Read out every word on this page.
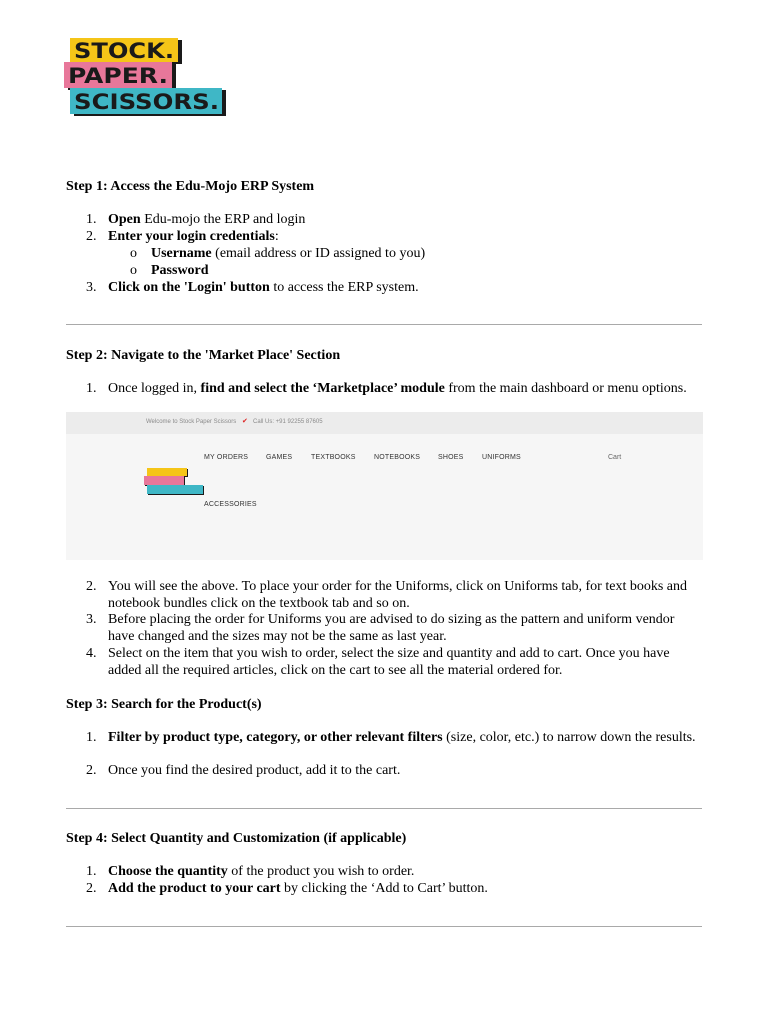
STOCK.
PAPER.
SCISSORS.
Step 1: Access the Edu-Mojo ERP System
1. Open Edu-mojo the ERP and login
2. Enter your login credentials:
o Username (email address or ID assigned to you)
o Password
3. Click on the 'Login' button to access the ERP system.
Step 2: Navigate to the 'Market Place' Section
1. Once logged in, find and select the ‘Marketplace’ module from the main dashboard or menu options.
Welcome to Stock Paper Scissors ✔ Call Us: +91 92255 87605
MY ORDERS	GAMES	TEXTBOOKS	NOTEBOOKS	SHOES	UNIFORMS	Cart
ACCESSORIES
2. You will see the above. To place your order for the Uniforms, click on Uniforms tab, for text books and notebook bundles click on the textbook tab and so on.
3. Before placing the order for Uniforms you are advised to do sizing as the pattern and uniform vendor have changed and the sizes may not be the same as last year.
4. Select on the item that you wish to order, select the size and quantity and add to cart. Once you have added all the required articles, click on the cart to see all the material ordered for.
Step 3: Search for the Product(s)
1. Filter by product type, category, or other relevant filters (size, color, etc.) to narrow down the results.
2. Once you find the desired product, add it to the cart.
Step 4: Select Quantity and Customization (if applicable)
1. Choose the quantity of the product you wish to order.
2. Add the product to your cart by clicking the ‘Add to Cart’ button.
